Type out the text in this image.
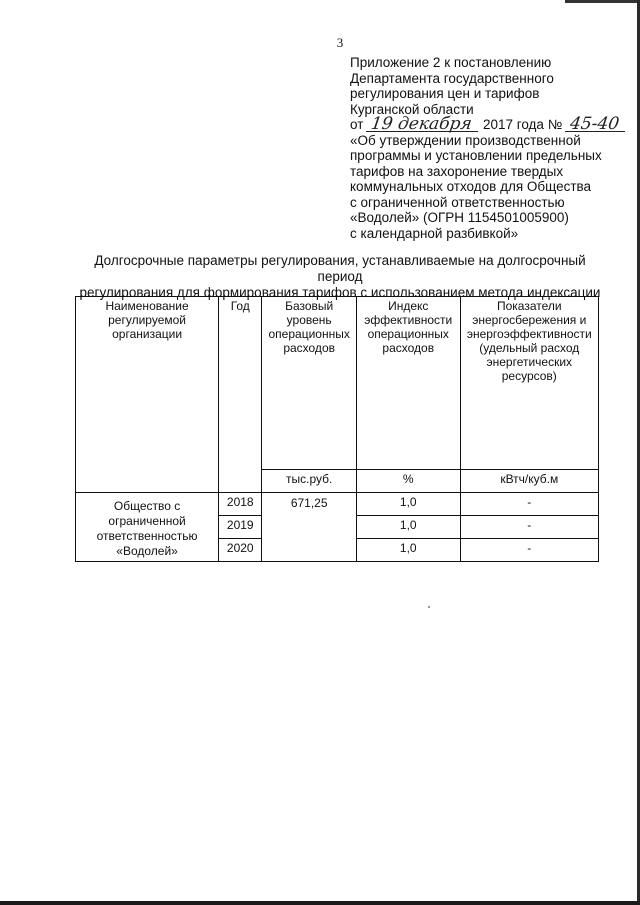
3
Приложение 2 к постановлению
Департамента государственного
регулирования цен и тарифов
Курганской области
от 19 декабря 2017 года № 45-40
«Об утверждении производственной
программы и установлении предельных
тарифов на захоронение твердых
коммунальных отходов для Общества
с ограниченной ответственностью
«Водолей» (ОГРН 1154501005900)
с календарной разбивкой»
Долгосрочные параметры регулирования, устанавливаемые на долгосрочный период
регулирования для формирования тарифов с использованием метода индексации
Наименование регулируемой организации	Год	Базовый уровень операционных расходов	Индекс эффективности операционных расходов	Показатели энергосбережения и энергоэффективности (удельный расход энергетических ресурсов)
		тыс.руб.	%	кВтч/куб.м
Общество с ограниченной ответственностью «Водолей»	2018	671,25	1,0	-
	2019		1,0	-
	2020		1,0	-
